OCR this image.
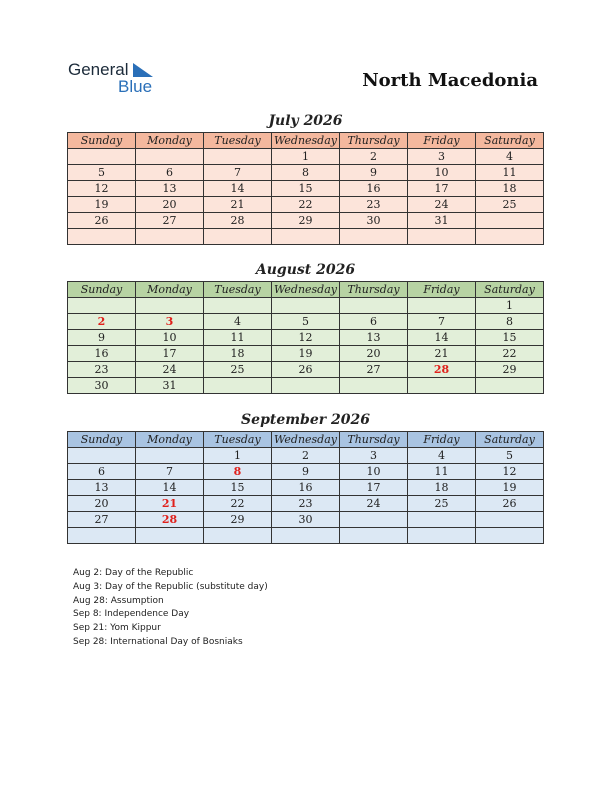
General
Blue	North Macedonia
July 2026
Sunday	Monday	Tuesday	Wednesday	Thursday	Friday	Saturday
			1	2	3	4
5	6	7	8	9	10	11
12	13	14	15	16	17	18
19	20	21	22	23	24	25
26	27	28	29	30	31	

August 2026
Sunday	Monday	Tuesday	Wednesday	Thursday	Friday	Saturday
						1
2	3	4	5	6	7	8
9	10	11	12	13	14	15
16	17	18	19	20	21	22
23	24	25	26	27	28	29
30	31					
September 2026
Sunday	Monday	Tuesday	Wednesday	Thursday	Friday	Saturday
		1	2	3	4	5
6	7	8	9	10	11	12
13	14	15	16	17	18	19
20	21	22	23	24	25	26
27	28	29	30			

Aug 2: Day of the Republic
Aug 3: Day of the Republic (substitute day)
Aug 28: Assumption
Sep 8: Independence Day
Sep 21: Yom Kippur
Sep 28: International Day of Bosniaks
